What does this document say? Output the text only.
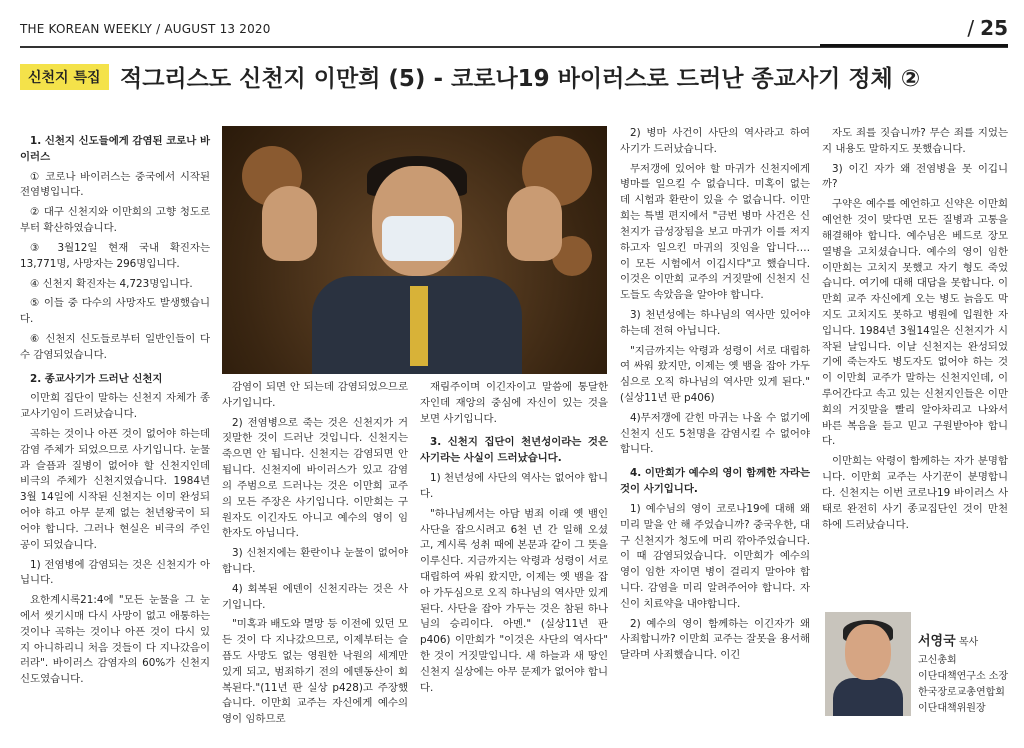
THE KOREAN WEEKLY / AUGUST 13 2020	/ 25
신천지 특집 적그리스도 신천지 이만희 (5) - 코로나19 바이러스로 드러난 종교사기 정체 ②

1. 신천지 신도들에게 감염된 코로나 바이러스

① 코로나 바이러스는 중국에서 시작된 전염병입니다.

② 대구 신천지와 이만희의 고향 청도로부터 확산하였습니다.

③ 3월12일 현재 국내 확진자는 13,771명, 사망자는 296명입니다.

④ 신천지 확진자는 4,723명입니다.

⑤ 이들 중 다수의 사망자도 발생했습니다.

⑥ 신천지 신도들로부터 일반인들이 다수 감염되었습니다.

2. 종교사기가 드러난 신천지

이만희 집단이 말하는 신천지 자체가 종교사기임이 드러났습니다.

곡하는 것이나 아픈 것이 없어야 하는데 감염 주체가 되었으므로 사기입니다. 눈물과 슬픔과 질병이 없어야 할 신천지인데 비극의 주체가 신천지였습니다. 1984년 3월 14일에 시작된 신천지는 이미 완성되어야 하고 아무 문제 없는 천년왕국이 되어야 합니다. 그러나 현실은 비극의 주인공이 되었습니다.

1) 전염병에 감염되는 것은 신천지가 아닙니다.

요한계시록21:4에 "모든 눈물을 그 눈에서 씻기시매 다시 사망이 없고 애통하는 것이나 곡하는 것이나 아픈 것이 다시 있지 아니하리니 처음 것들이 다 지나갔음이러라". 바이러스 감염자의 60%가 신천지 신도였습니다.

감염이 되면 안 되는데 감염되었으므로 사기입니다.

2) 전염병으로 죽는 것은 신천지가 거짓말한 것이 드러난 것입니다. 신천지는 죽으면 안 됩니다. 신천지는 감염되면 안 됩니다. 신천지에 바이러스가 있고 감염의 주범으로 드러나는 것은 이만희 교주의 모든 주장은 사기입니다. 이만희는 구원자도 이긴자도 아니고 예수의 영이 임한자도 아닙니다.

3) 신천지에는 환란이나 눈물이 없어야 합니다.

4) 회복된 에덴이 신천지라는 것은 사기입니다.

"미혹과 배도와 멸망 등 이전에 있던 모든 것이 다 지나갔으므로, 이제부터는 슬픔도 사망도 없는 영원한 낙원의 세계만 있게 되고, 범죄하기 전의 에덴동산이 회복된다."(11년 판 실상 p428)고 주장했습니다. 이만희 교주는 자신에게 예수의 영이 임하므로

재림주이며 이긴자이고 말씀에 통달한 자인데 재앙의 중심에 자신이 있는 것을 보면 사기입니다.

3. 신천지 집단이 천년성이라는 것은 사기라는 사실이 드러났습니다.

1) 천년성에 사단의 역사는 없어야 합니다.

"하나님께서는 아담 범죄 이래 옛 뱀인 사단을 잡으시려고 6천 년 간 일해 오셨고, 계시록 성취 때에 본문과 같이 그 뜻을 이루신다. 지금까지는 악령과 성령이 서로 대립하여 싸워 왔지만, 이제는 옛 뱀을 잡아 가두심으로 오직 하나님의 역사만 있게 된다. 사단을 잡아 가두는 것은 참된 하나님의 승리이다. 아멘." (실상11년 판 p406) 이만희가 "이것은 사단의 역사다" 한 것이 거짓말입니다. 새 하늘과 새 땅인 신천지 실상에는 아무 문제가 없어야 합니다.

2) 병마 사건이 사단의 역사라고 하여 사기가 드러났습니다.

무저갱에 있어야 할 마귀가 신천지에게 병마를 일으킬 수 없습니다. 미혹이 없는데 시험과 환란이 있을 수 없습니다. 이만희는 특별 편지에서 "금번 병마 사건은 신천지가 급성장됨을 보고 마귀가 이를 저지하고자 일으킨 마귀의 짓임을 압니다…. 이 모든 시험에서 이깁시다"고 했습니다. 이것은 이만희 교주의 거짓말에 신천지 신도들도 속았음을 알아야 합니다.

3) 천년성에는 하나님의 역사만 있어야 하는데 전혀 아닙니다.

"지금까지는 악령과 성령이 서로 대립하여 싸워 왔지만, 이제는 옛 뱀을 잡아 가두심으로 오직 하나님의 역사만 있게 된다." (실상11년 판 p406)

4)무저갱에 갇힌 마귀는 나올 수 없기에 신천지 신도 5천명을 감염시킬 수 없어야 합니다.

4. 이만희가 예수의 영이 함께한 자라는 것이 사기입니다.

1) 예수님의 영이 코로나19에 대해 왜 미리 말을 안 해 주었습니까? 중국우한, 대구 신천지가 청도에 머리 깎아주었습니다. 이 때 감염되었습니다. 이만희가 예수의 영이 임한 자이면 병이 걸리지 말아야 합니다. 감염을 미리 알려주어야 합니다. 자신이 치료약을 내야합니다.

2) 예수의 영이 함께하는 이긴자가 왜 사죄합니까? 이만희 교주는 잘못을 용서해 달라며 사죄했습니다. 이긴

자도 죄를 짓습니까? 무슨 죄를 지었는지 내용도 말하지도 못했습니다.

3) 이긴 자가 왜 전염병을 못 이깁니까?

구약은 예수를 예언하고 신약은 이만희 예언한 것이 맞다면 모든 질병과 고통을 해결해야 합니다. 예수님은 베드로 장모 열병을 고치셨습니다. 예수의 영이 임한 이만희는 고치지 못했고 자기 형도 죽었습니다. 여기에 대해 대답을 못합니다. 이만희 교주 자신에게 오는 병도 늙음도 막지도 고치지도 못하고 병원에 입원한 자입니다. 1984년 3월14일은 신천지가 시작된 날입니다. 이날 신천지는 완성되었기에 죽는자도 병도자도 없어야 하는 것이 이만희 교주가 말하는 신천지인데, 이루어간다고 속고 있는 신천지인들은 이만희의 거짓말을 빨리 알아차리고 나와서 바른 복음을 듣고 믿고 구원받아야 합니다.

이만희는 악령이 함께하는 자가 분명합니다. 이만희 교주는 사기꾼이 분명합니다. 신천지는 이번 코로나19 바이러스 사태로 완전히 사기 종교집단인 것이 만천하에 드러났습니다.

서영국 목사
고신총회
이단대책연구소 소장
한국장로교총연합회
이단대책위원장
